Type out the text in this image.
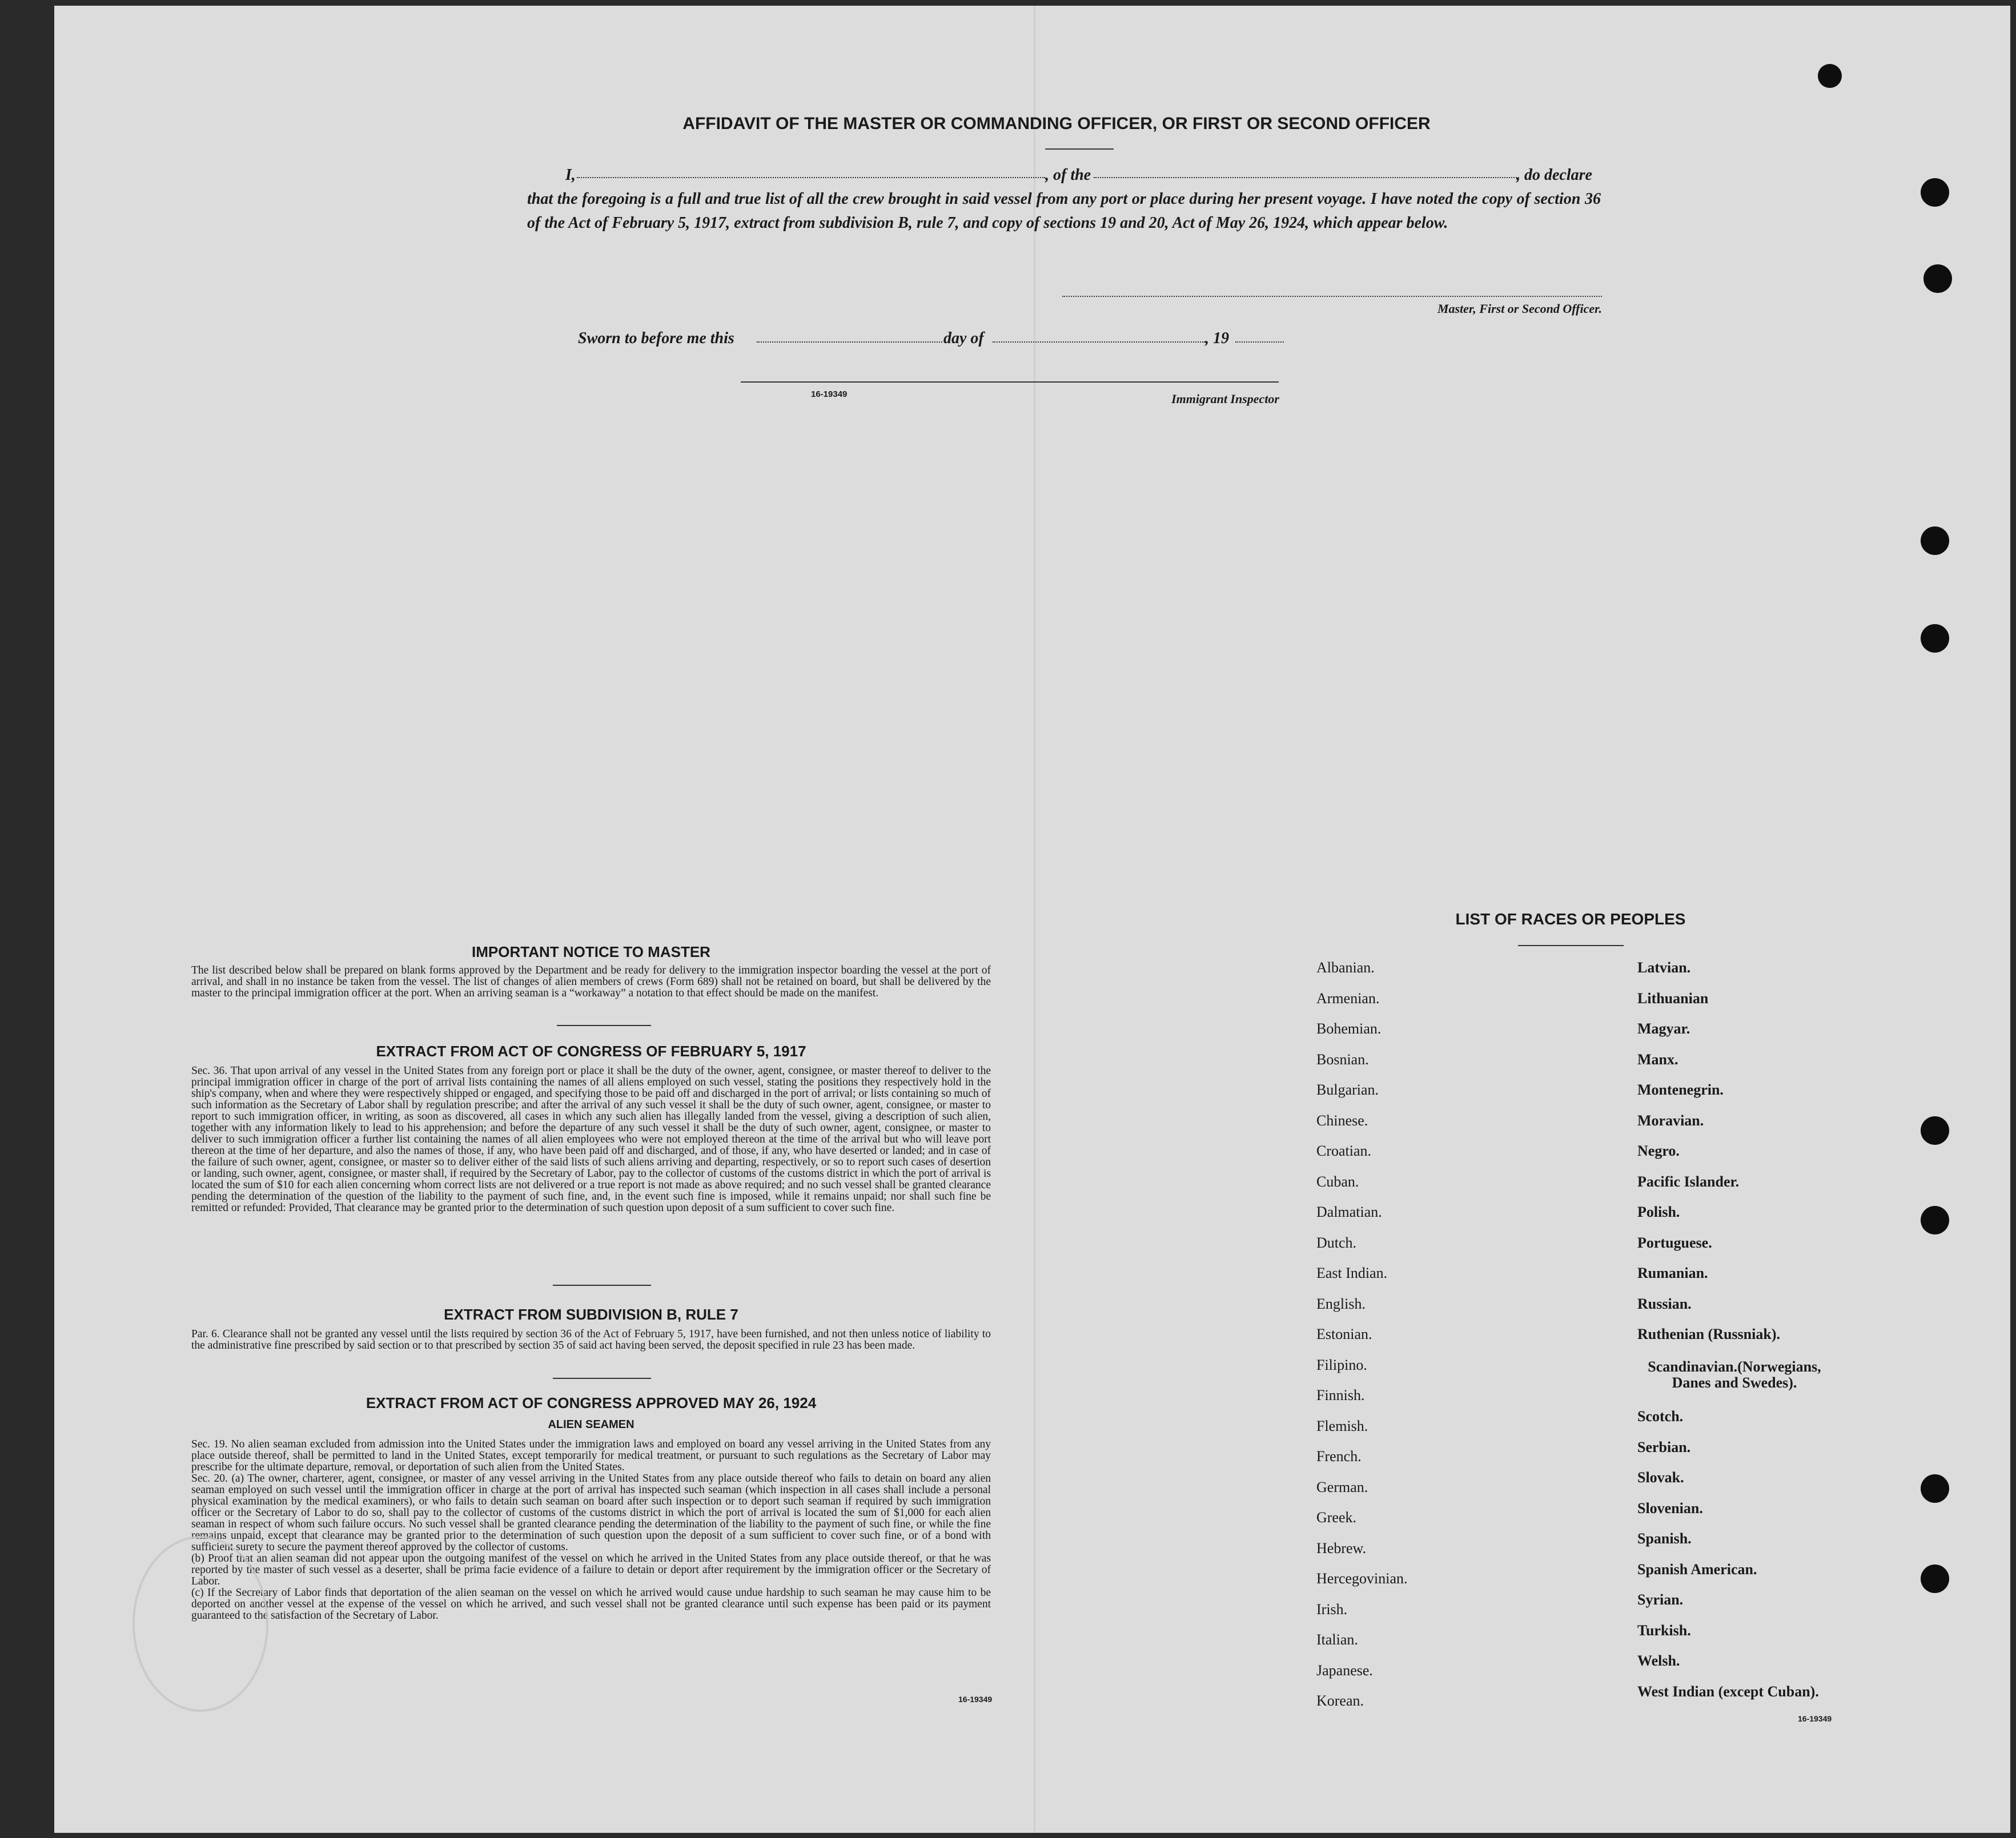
AFFIDAVIT OF THE MASTER OR COMMANDING OFFICER, OR FIRST OR SECOND OFFICER
I,	, of the	, do declare
that the foregoing is a full and true list of all the crew brought in said vessel from any port or place during her present voyage. I have noted the copy of section 36 of the Act of February 5, 1917, extract from subdivision B, rule 7, and copy of sections 19 and 20, Act of May 26, 1924, which appear below.
Master, First or Second Officer.
Sworn to before me this	day of	, 19
16-19349	Immigrant Inspector
IMPORTANT NOTICE TO MASTER
The list described below shall be prepared on blank forms approved by the Department and be ready for delivery to the immigration inspector boarding the vessel at the port of arrival, and shall in no instance be taken from the vessel. The list of changes of alien members of crews (Form 689) shall not be retained on board, but shall be delivered by the master to the principal immigration officer at the port. When an arriving seaman is a “workaway” a notation to that effect should be made on the manifest.
EXTRACT FROM ACT OF CONGRESS OF FEBRUARY 5, 1917
Sec. 36. That upon arrival of any vessel in the United States from any foreign port or place it shall be the duty of the owner, agent, consignee, or master thereof to deliver to the principal immigration officer in charge of the port of arrival lists containing the names of all aliens employed on such vessel, stating the positions they respectively hold in the ship's company, when and where they were respectively shipped or engaged, and specifying those to be paid off and discharged in the port of arrival; or lists containing so much of such information as the Secretary of Labor shall by regulation prescribe; and after the arrival of any such vessel it shall be the duty of such owner, agent, consignee, or master to report to such immigration officer, in writing, as soon as discovered, all cases in which any such alien has illegally landed from the vessel, giving a description of such alien, together with any information likely to lead to his apprehension; and before the departure of any such vessel it shall be the duty of such owner, agent, consignee, or master to deliver to such immigration officer a further list containing the names of all alien employees who were not employed thereon at the time of the arrival but who will leave port thereon at the time of her departure, and also the names of those, if any, who have been paid off and discharged, and of those, if any, who have deserted or landed; and in case of the failure of such owner, agent, consignee, or master so to deliver either of the said lists of such aliens arriving and departing, respectively, or so to report such cases of desertion or landing, such owner, agent, consignee, or master shall, if required by the Secretary of Labor, pay to the collector of customs of the customs district in which the port of arrival is located the sum of $10 for each alien concerning whom correct lists are not delivered or a true report is not made as above required; and no such vessel shall be granted clearance pending the determination of the question of the liability to the payment of such fine, and, in the event such fine is imposed, while it remains unpaid; nor shall such fine be remitted or refunded: Provided, That clearance may be granted prior to the determination of such question upon deposit of a sum sufficient to cover such fine.
EXTRACT FROM SUBDIVISION B, RULE 7
Par. 6. Clearance shall not be granted any vessel until the lists required by section 36 of the Act of February 5, 1917, have been furnished, and not then unless notice of liability to the administrative fine prescribed by said section or to that prescribed by section 35 of said act having been served, the deposit specified in rule 23 has been made.
EXTRACT FROM ACT OF CONGRESS APPROVED MAY 26, 1924
ALIEN SEAMEN
Sec. 19. No alien seaman excluded from admission into the United States under the immigration laws and employed on board any vessel arriving in the United States from any place outside thereof, shall be permitted to land in the United States, except temporarily for medical treatment, or pursuant to such regulations as the Secretary of Labor may prescribe for the ultimate departure, removal, or deportation of such alien from the United States.
Sec. 20. (a) The owner, charterer, agent, consignee, or master of any vessel arriving in the United States from any place outside thereof who fails to detain on board any alien seaman employed on such vessel until the immigration officer in charge at the port of arrival has inspected such seaman (which inspection in all cases shall include a personal physical examination by the medical examiners), or who fails to detain such seaman on board after such inspection or to deport such seaman if required by such immigration officer or the Secretary of Labor to do so, shall pay to the collector of customs of the customs district in which the port of arrival is located the sum of $1,000 for each alien seaman in respect of whom such failure occurs. No such vessel shall be granted clearance pending the determination of the liability to the payment of such fine, or while the fine remains unpaid, except that clearance may be granted prior to the determination of such question upon the deposit of a sum sufficient to cover such fine, or of a bond with sufficient surety to secure the payment thereof approved by the collector of customs.
(b) Proof that an alien seaman did not appear upon the outgoing manifest of the vessel on which he arrived in the United States from any place outside thereof, or that he was reported by the master of such vessel as a deserter, shall be prima facie evidence of a failure to detain or deport after requirement by the immigration officer or the Secretary of Labor.
(c) If the Secretary of Labor finds that deportation of the alien seaman on the vessel on which he arrived would cause undue hardship to such seaman he may cause him to be deported on another vessel at the expense of the vessel on which he arrived, and such vessel shall not be granted clearance until such expense has been paid or its payment guaranteed to the satisfaction of the Secretary of Labor.
16-19349
LIST OF RACES OR PEOPLES
Albanian.
Armenian.
Bohemian.
Bosnian.
Bulgarian.
Chinese.
Croatian.
Cuban.
Dalmatian.
Dutch.
East Indian.
English.
Estonian.
Filipino.
Finnish.
Flemish.
French.
German.
Greek.
Hebrew.
Hercegovinian.
Irish.
Italian.
Japanese.
Korean.
Latvian.
Lithuanian
Magyar.
Manx.
Montenegrin.
Moravian.
Negro.
Pacific Islander.
Polish.
Portuguese.
Rumanian.
Russian.
Ruthenian (Russniak).
Scandinavian.(Norwegians, Danes and Swedes).
Scotch.
Serbian.
Slovak.
Slovenian.
Spanish.
Spanish American.
Syrian.
Turkish.
Welsh.
West Indian (except Cuban).
16-19349
